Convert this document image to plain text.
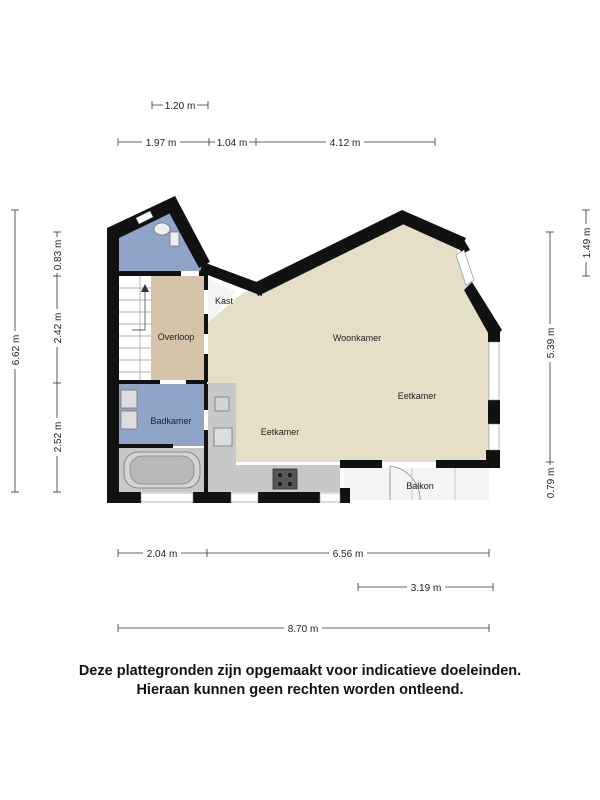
1.20 m
1.97 m	1.04 m	4.12 m
6.62 m
0.83 m
2.42 m
2.52 m
1.49 m
5.39 m
0.79 m
2.04 m	6.56 m
3.19 m
8.70 m
Overloop
Kast
Badkamer
Woonkamer
Eetkamer
Eetkamer
Balkon
Deze plattegronden zijn opgemaakt voor indicatieve doeleinden.
Hieraan kunnen geen rechten worden ontleend.
